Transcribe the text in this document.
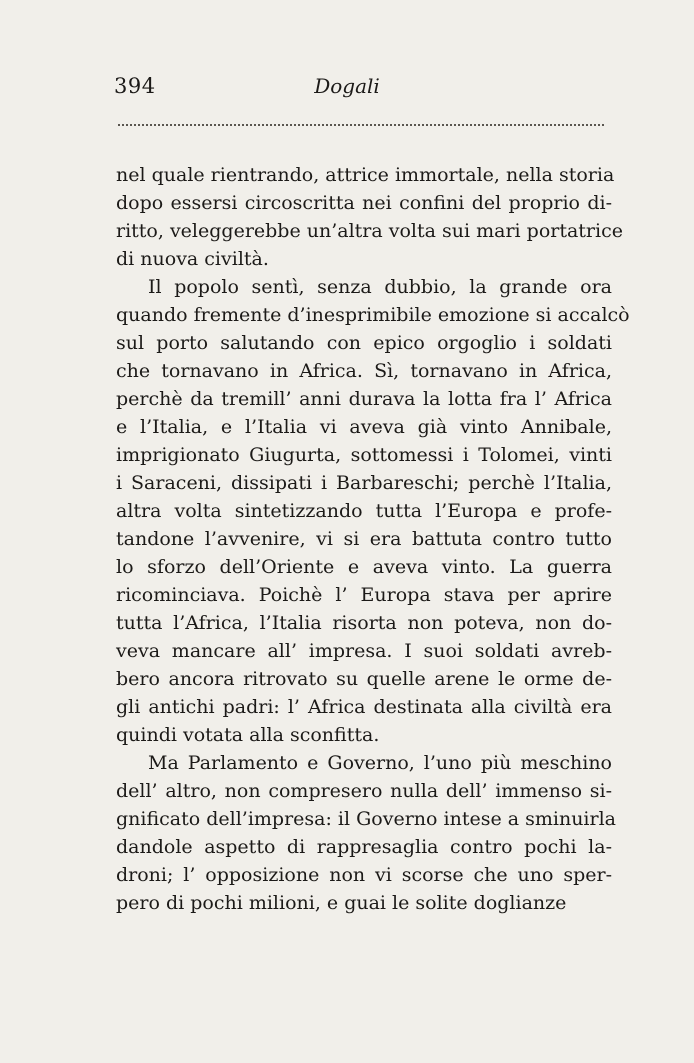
394	Dogali
nel quale rientrando, attrice immortale, nella storia
dopo essersi circoscritta nei confini del proprio di-
ritto, veleggerebbe un’altra volta sui mari portatrice
di nuova civiltà.
Il popolo sentì, senza dubbio, la grande ora
quando fremente d’inesprimibile emozione si accalcò
sul porto salutando con epico orgoglio i soldati
che tornavano in Africa. Sì, tornavano in Africa,
perchè da tremill’ anni durava la lotta fra l’ Africa
e l’Italia, e l’Italia vi aveva già vinto Annibale,
imprigionato Giugurta, sottomessi i Tolomei, vinti
i Saraceni, dissipati i Barbareschi; perchè l’Italia,
altra volta sintetizzando tutta l’Europa e profe-
tandone l’avvenire, vi si era battuta contro tutto
lo sforzo dell’Oriente e aveva vinto. La guerra
ricominciava. Poichè l’ Europa stava per aprire
tutta l’Africa, l’Italia risorta non poteva, non do-
veva mancare all’ impresa. I suoi soldati avreb-
bero ancora ritrovato su quelle arene le orme de-
gli antichi padri: l’ Africa destinata alla civiltà era
quindi votata alla sconfitta.
Ma Parlamento e Governo, l’uno più meschino
dell’ altro, non compresero nulla dell’ immenso si-
gnificato dell’impresa: il Governo intese a sminuirla
dandole aspetto di rappresaglia contro pochi la-
droni; l’ opposizione non vi scorse che uno sper-
pero di pochi milioni, e guai le solite doglianze
